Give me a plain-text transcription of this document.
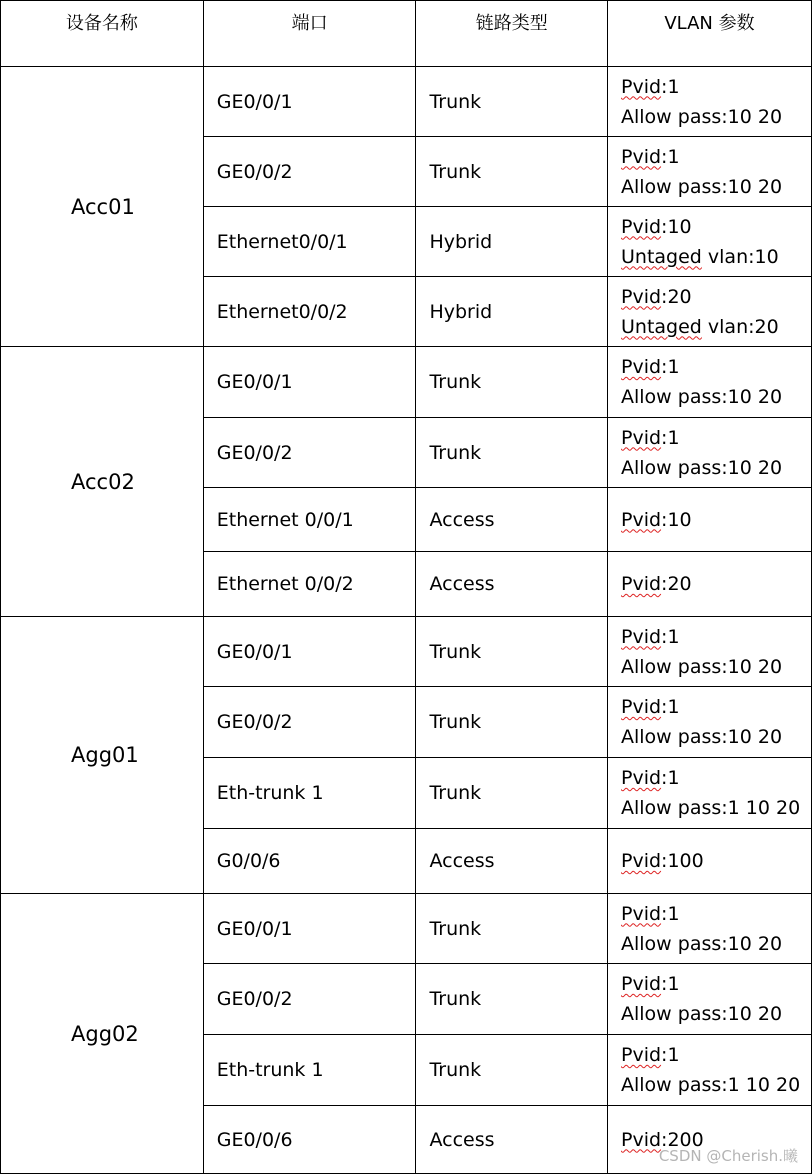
设备名称	端口	链路类型	VLAN 参数
Acc01	GE0/0/1	Trunk	Pvid:1
Allow pass:10 20

	GE0/0/2	Trunk	Pvid:1
Allow pass:10 20

	Ethernet0/0/1	Hybrid	Pvid:10
Untaged vlan:10

	Ethernet0/0/2	Hybrid	Pvid:20
Untaged vlan:20

Acc02	GE0/0/1	Trunk	Pvid:1
Allow pass:10 20

	GE0/0/2	Trunk	Pvid:1
Allow pass:10 20

	Ethernet 0/0/1	Access	Pvid:10

	Ethernet 0/0/2	Access	Pvid:20

Agg01	GE0/0/1	Trunk	Pvid:1
Allow pass:10 20

	GE0/0/2	Trunk	Pvid:1
Allow pass:10 20

	Eth-trunk 1	Trunk	Pvid:1
Allow pass:1 10 20

	G0/0/6	Access	Pvid:100

Agg02	GE0/0/1	Trunk	Pvid:1
Allow pass:10 20

	GE0/0/2	Trunk	Pvid:1
Allow pass:10 20

	Eth-trunk 1	Trunk	Pvid:1
Allow pass:1 10 20

	GE0/0/6	Access	Pvid:200
CSDN @Cherish.曦
